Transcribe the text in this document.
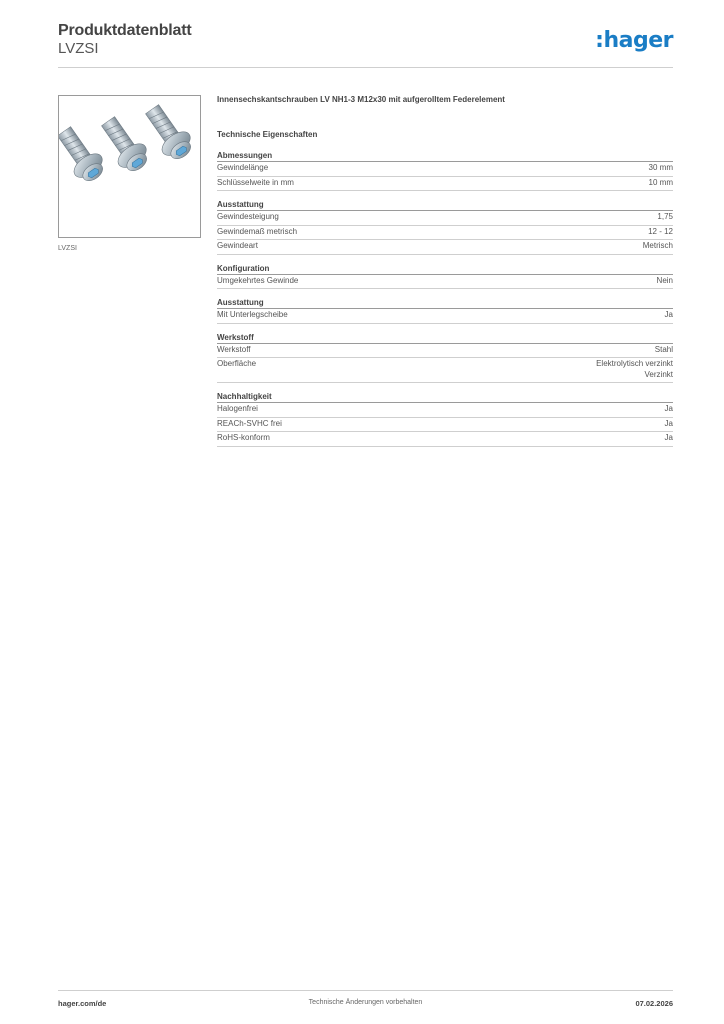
Produktdatenblatt
LVZSI	:hager
LVZSI
Innensechskantschrauben LV NH1-3 M12x30 mit aufgerolltem Federelement
Technische Eigenschaften
Abmessungen
Gewindelänge	30 mm
Schlüsselweite in mm	10 mm
Ausstattung
Gewindesteigung	1,75
Gewindemaß metrisch	12 - 12
Gewindeart	Metrisch
Konfiguration
Umgekehrtes Gewinde	Nein
Ausstattung
Mit Unterlegscheibe	Ja
Werkstoff
Werkstoff	Stahl
Oberfläche	Elektrolytisch verzinkt
Verzinkt
Nachhaltigkeit
Halogenfrei	Ja
REACh-SVHC frei	Ja
RoHS-konform	Ja
hager.com/de	Technische Änderungen vorbehalten	07.02.2026
